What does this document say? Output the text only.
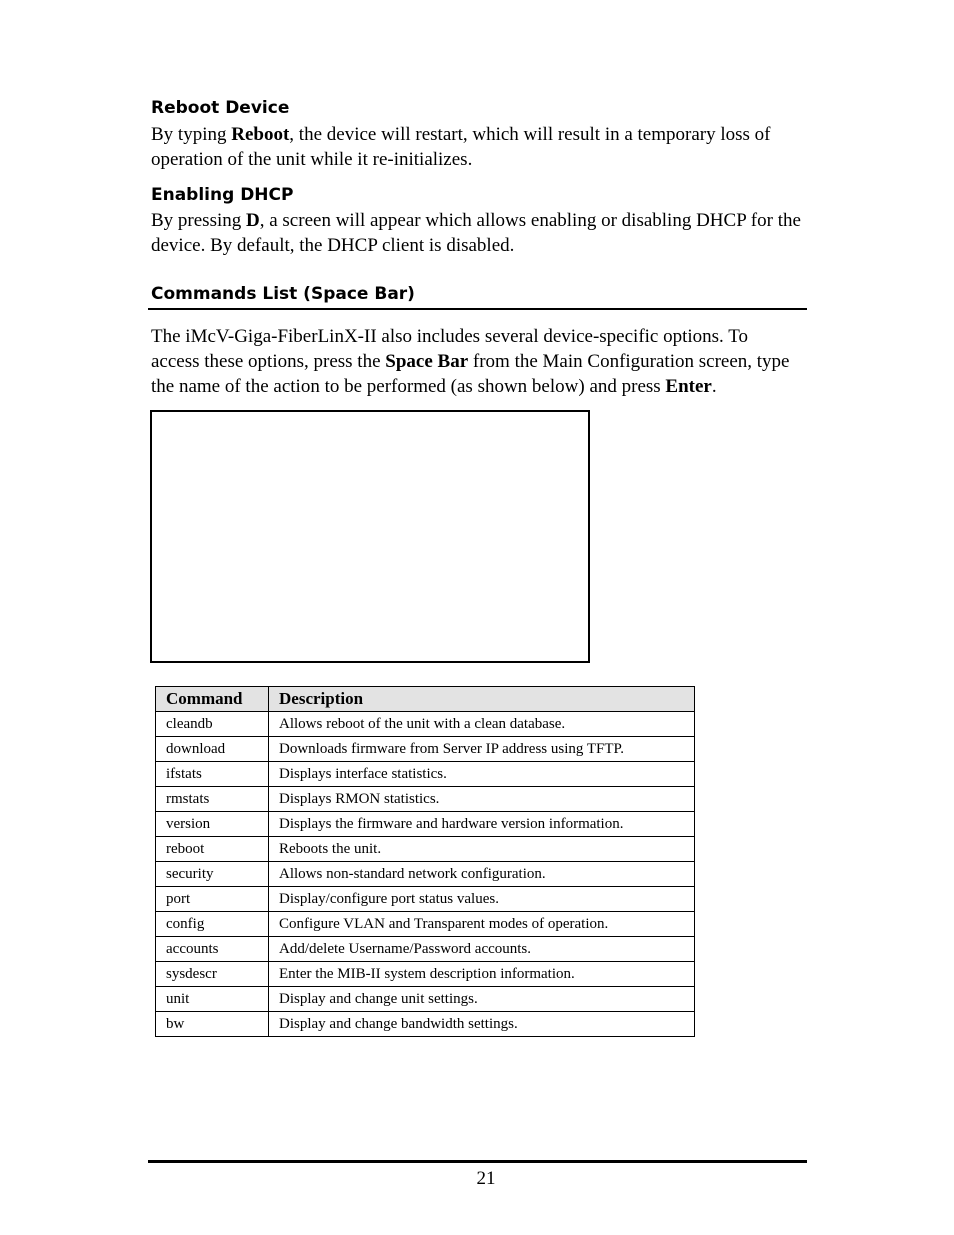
Reboot Device

By typing Reboot, the device will restart, which will result in a temporary loss of operation of the unit while it re-initializes.

Enabling DHCP

By pressing D, a screen will appear which allows enabling or disabling DHCP for the device. By default, the DHCP client is disabled.

Commands List (Space Bar)

The iMcV-Giga-FiberLinX-II also includes several device-specific options. To access these options, press the Space Bar from the Main Configuration screen, type the name of the action to be performed (as shown below) and press Enter.

Command	Description
cleandb	Allows reboot of the unit with a clean database.
download	Downloads firmware from Server IP address using TFTP.
ifstats	Displays interface statistics.
rmstats	Displays RMON statistics.
version	Displays the firmware and hardware version information.
reboot	Reboots the unit.
security	Allows non-standard network configuration.
port	Display/configure port status values.
config	Configure VLAN and Transparent modes of operation.
accounts	Add/delete Username/Password accounts.
sysdescr	Enter the MIB-II system description information.
unit	Display and change unit settings.
bw	Display and change bandwidth settings.
21
